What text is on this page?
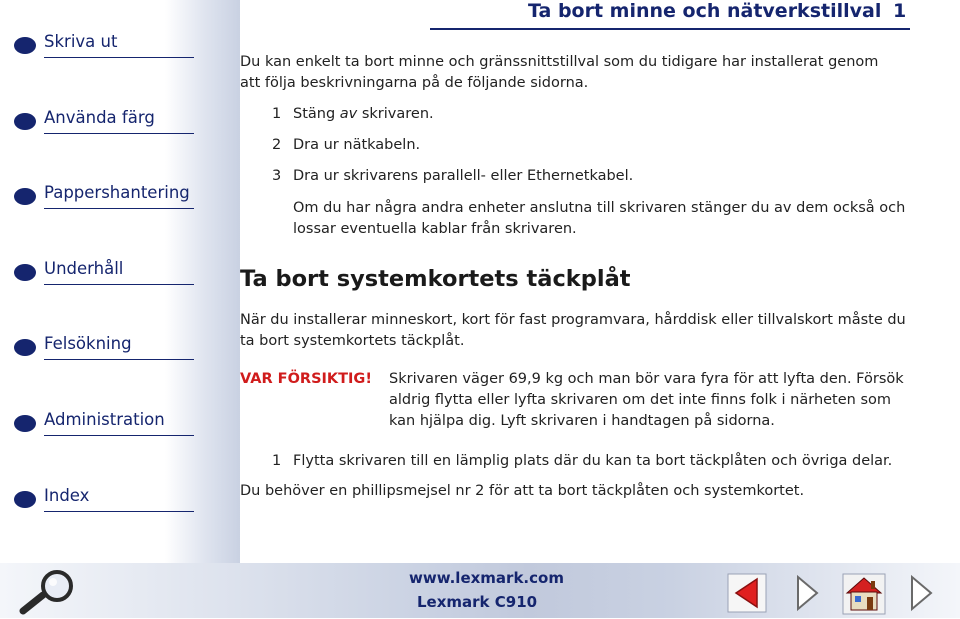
Skriva ut
Använda färg
Pappershantering
Underhåll
Felsökning
Administration
Index
Ta bort minne och nätverkstillval 1
Du kan enkelt ta bort minne och gränssnittstillval som du tidigare har installerat genom att följa beskrivningarna på de följande sidorna.
1 Stäng av skrivaren.
2 Dra ur nätkabeln.
3 Dra ur skrivarens parallell- eller Ethernetkabel.
Om du har några andra enheter anslutna till skrivaren stänger du av dem också och lossar eventuella kablar från skrivaren.
Ta bort systemkortets täckplåt
När du installerar minneskort, kort för fast programvara, hårddisk eller tillvalskort måste du ta bort systemkortets täckplåt.
VAR FÖRSIKTIG! Skrivaren väger 69,9 kg och man bör vara fyra för att lyfta den. Försök aldrig flytta eller lyfta skrivaren om det inte finns folk i närheten som kan hjälpa dig. Lyft skrivaren i handtagen på sidorna.
1 Flytta skrivaren till en lämplig plats där du kan ta bort täckplåten och övriga delar.
Du behöver en phillipsmejsel nr 2 för att ta bort täckplåten och systemkortet.
www.lexmark.com
Lexmark C910
